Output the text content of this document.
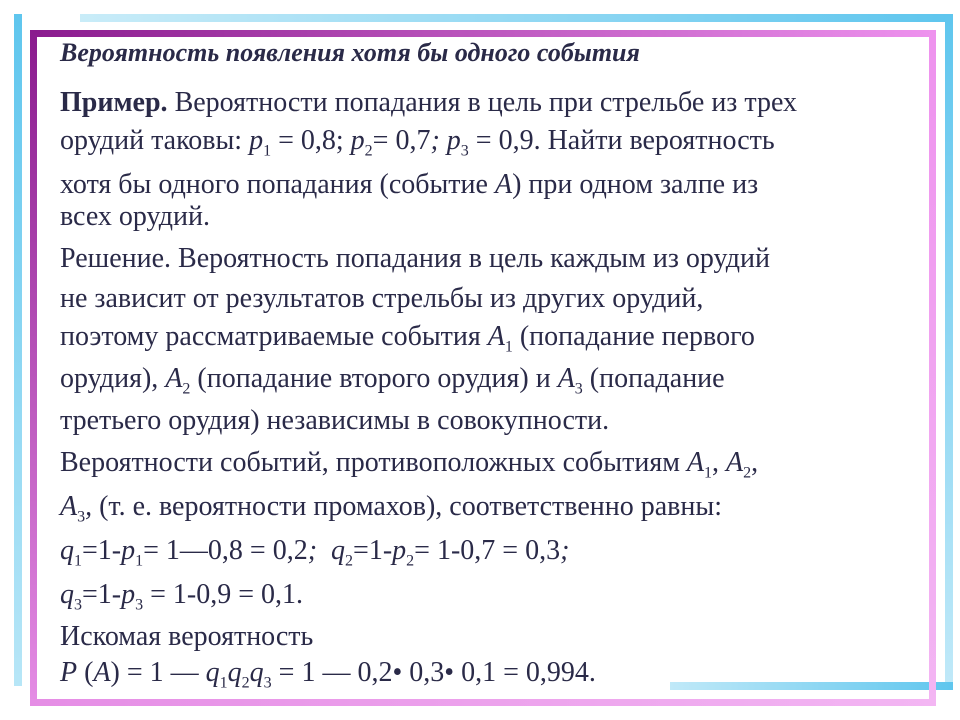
Вероятность появления хотя бы одного события
Пример. Вероятности попадания в цель при стрельбе из трех
орудий таковы: $p_1 = 0,8$; $p_2= 0,7$; $p_3 = 0,9$. Найти вероятность
хотя бы одного попадания (событие A) при одном залпе из
всех орудий.
Решение. Вероятность попадания в цель каждым из орудий
не зависит от результатов стрельбы из других орудий,
поэтому рассматриваемые события $A_1$ (попадание первого
орудия), $A_2$ (попадание второго орудия) и $A_3$ (попадание
третьего орудия) независимы в совокупности.
Вероятности событий, противоположных событиям $A_1$, $A_2$,
$A_3$, (т. е. вероятности промахов), соответственно равны:
$q_1=1-p_1=$ 1—0,8 = 0,2;  $q_2=1-p_2= 1-0,7 = 0,3$;
$q_3=1-p_3 = 1-0,9 = 0,1$.
Искомая вероятность
P (A) = 1 — $q_1q_2q_3 = 1$ — 0,2• 0,3• 0,1 = 0,994.
